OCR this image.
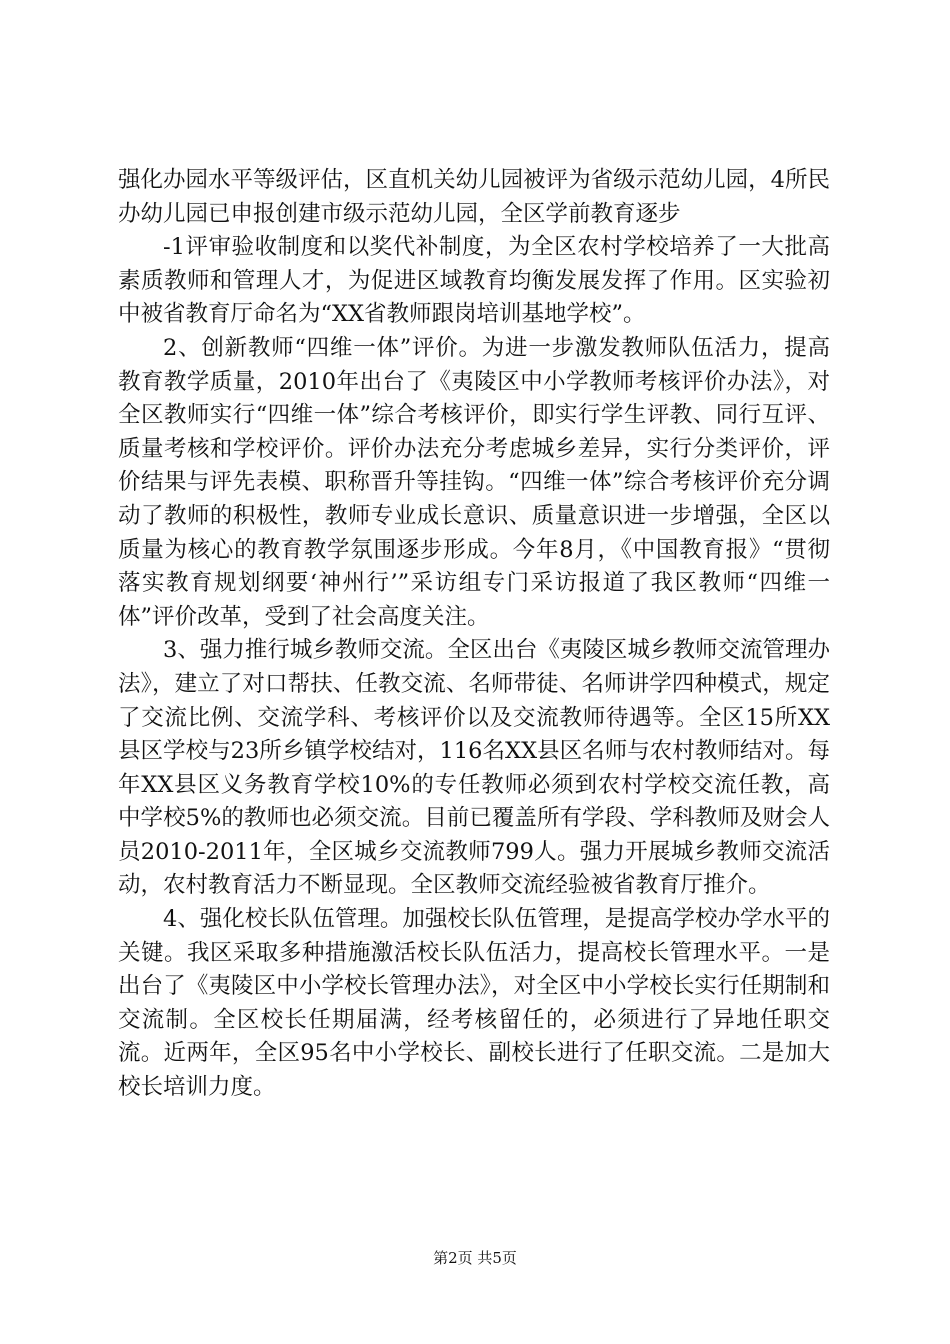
强化办园水平等级评估，区直机关幼儿园被评为省级示范幼儿园，4所民办幼儿园已申报创建市级示范幼儿园，全区学前教育逐步

-1评审验收制度和以奖代补制度，为全区农村学校培养了一大批高素质教师和管理人才，为促进区域教育均衡发展发挥了作用。区实验初中被省教育厅命名为“XX省教师跟岗培训基地学校”。

2、创新教师“四维一体”评价。为进一步激发教师队伍活力，提高教育教学质量，2010年出台了《夷陵区中小学教师考核评价办法》，对全区教师实行“四维一体”综合考核评价，即实行学生评教、同行互评、质量考核和学校评价。评价办法充分考虑城乡差异，实行分类评价，评价结果与评先表模、职称晋升等挂钩。“四维一体”综合考核评价充分调动了教师的积极性，教师专业成长意识、质量意识进一步增强，全区以质量为核心的教育教学氛围逐步形成。今年8月，《中国教育报》“贯彻落实教育规划纲要‘神州行’”采访组专门采访报道了我区教师“四维一体”评价改革，受到了社会高度关注。

3、强力推行城乡教师交流。全区出台《夷陵区城乡教师交流管理办法》，建立了对口帮扶、任教交流、名师带徒、名师讲学四种模式，规定了交流比例、交流学科、考核评价以及交流教师待遇等。全区15所XX县区学校与23所乡镇学校结对，116名XX县区名师与农村教师结对。每年XX县区义务教育学校10%的专任教师必须到农村学校交流任教，高中学校5%的教师也必须交流。目前已覆盖所有学段、学科教师及财会人员2010-2011年，全区城乡交流教师799人。强力开展城乡教师交流活动，农村教育活力不断显现。全区教师交流经验被省教育厅推介。

4、强化校长队伍管理。加强校长队伍管理，是提高学校办学水平的关键。我区采取多种措施激活校长队伍活力，提高校长管理水平。一是出台了《夷陵区中小学校长管理办法》，对全区中小学校长实行任期制和交流制。全区校长任期届满，经考核留任的，必须进行了异地任职交流。近两年，全区95名中小学校长、副校长进行了任职交流。二是加大校长培训力度。

第2页 共5页
